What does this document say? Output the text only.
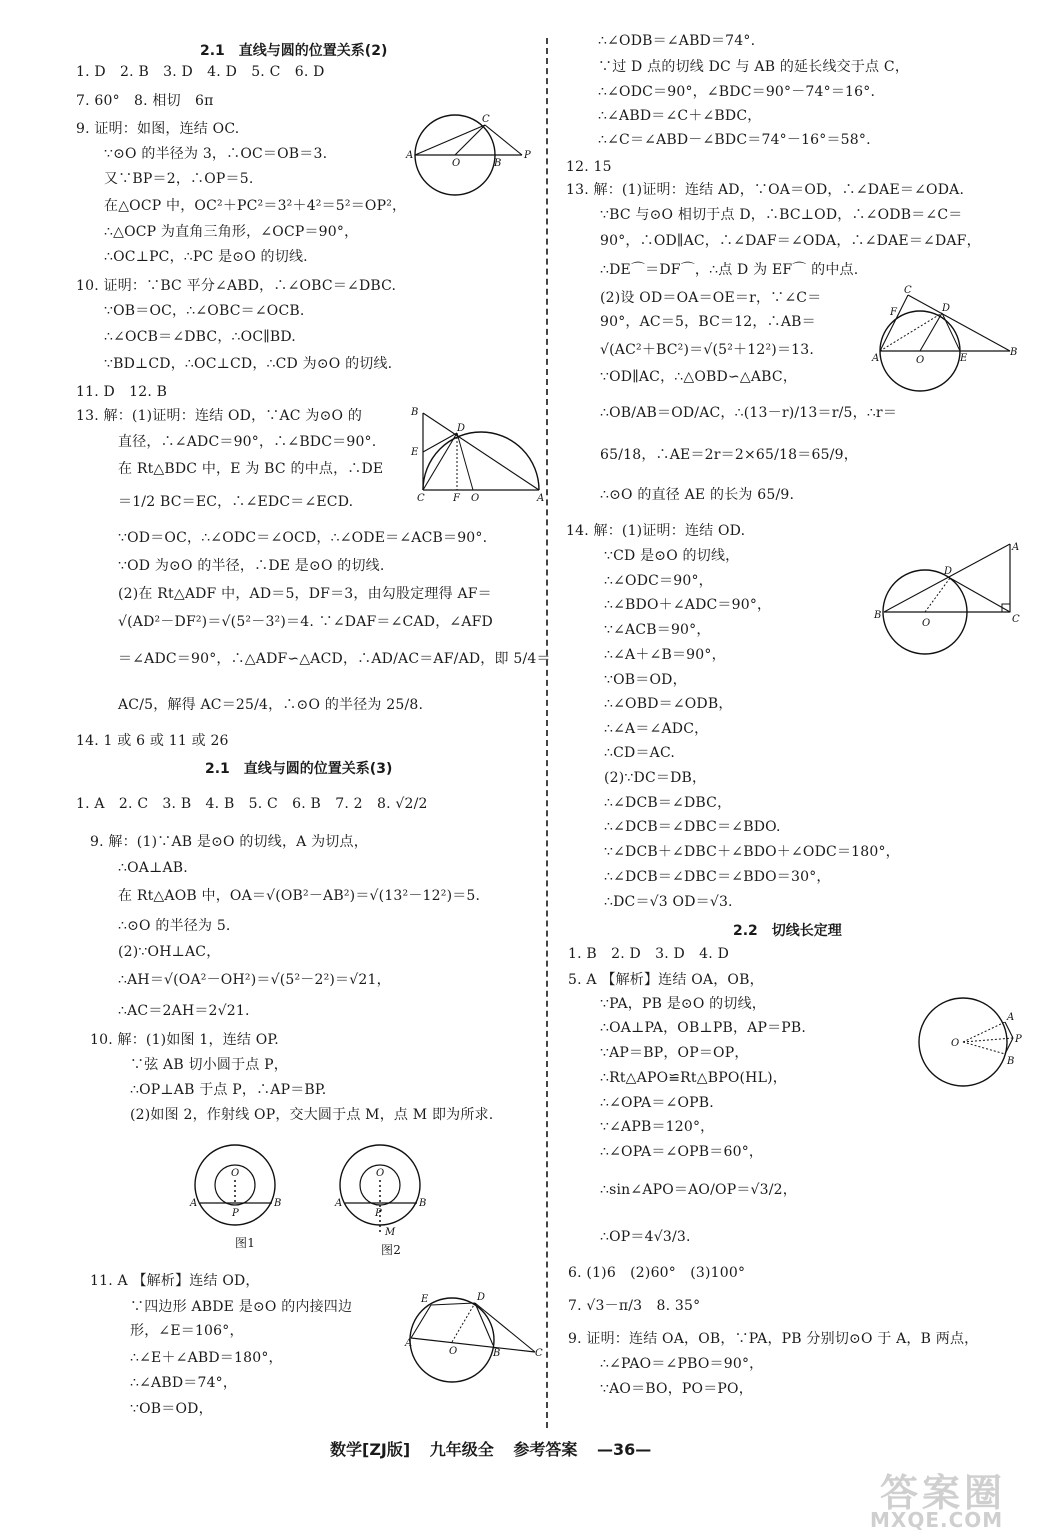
2.1　直线与圆的位置关系(2)
1. D　2. B　3. D　4. D　5. C　6. D
7. 60°　8. 相切　6π
9. 证明：如图，连结 OC.
∵⊙O 的半径为 3，∴OC＝OB＝3.
又∵BP＝2，∴OP＝5.
在△OCP 中，OC²＋PC²＝3²＋4²＝5²＝OP²，
∴△OCP 为直角三角形，∠OCP＝90°，
∴OC⊥PC，∴PC 是⊙O 的切线.
10. 证明：∵BC 平分∠ABD，∴∠OBC＝∠DBC.
∵OB＝OC，∴∠OBC＝∠OCB.
∴∠OCB＝∠DBC，∴OC∥BD.
∵BD⊥CD，∴OC⊥CD，∴CD 为⊙O 的切线.
11. D　12. B
13. 解：(1)证明：连结 OD，∵AC 为⊙O 的
直径，∴∠ADC＝90°，∴∠BDC＝90°.
在 Rt△BDC 中，E 为 BC 的中点，∴DE
＝1/2 BC＝EC，∴∠EDC＝∠ECD.
∵OD＝OC，∴∠ODC＝∠OCD，∴∠ODE＝∠ACB＝90°.
∵OD 为⊙O 的半径，∴DE 是⊙O 的切线.
(2)在 Rt△ADF 中，AD＝5，DF＝3，由勾股定理得 AF＝
√(AD²－DF²)＝√(5²－3²)＝4. ∵∠DAF＝∠CAD，∠AFD
＝∠ADC＝90°，∴△ADF∽△ACD，∴AD/AC＝AF/AD，即 5/4＝
AC/5，解得 AC＝25/4，∴⊙O 的半径为 25/8.
14. 1 或 6 或 11 或 26
2.1　直线与圆的位置关系(3)
1. A　2. C　3. B　4. B　5. C　6. B　7. 2　8. √2/2
9. 解：(1)∵AB 是⊙O 的切线，A 为切点，
∴OA⊥AB.
在 Rt△AOB 中，OA＝√(OB²－AB²)＝√(13²－12²)＝5.
∴⊙O 的半径为 5.
(2)∵OH⊥AC，
∴AH＝√(OA²－OH²)＝√(5²－2²)＝√21，
∴AC＝2AH＝2√21.
10. 解：(1)如图 1，连结 OP.
∵弦 AB 切小圆于点 P，
∴OP⊥AB 于点 P，∴AP＝BP.
(2)如图 2，作射线 OP，交大圆于点 M，点 M 即为所求.
图1	图2
11. A 【解析】连结 OD，
∵四边形 ABDE 是⊙O 的内接四边
形，∠E＝106°，
∴∠E＋∠ABD＝180°，
∴∠ABD＝74°，
∵OB＝OD，
A
O	B
P
C
B
E
D
C	F O	A
O
A	B
P
O
A	B
P
M
E	D
A
O	B	C
∴∠ODB＝∠ABD＝74°.
∵过 D 点的切线 DC 与 AB 的延长线交于点 C，
∴∠ODC＝90°，∠BDC＝90°－74°＝16°.
∴∠ABD＝∠C＋∠BDC，
∴∠C＝∠ABD－∠BDC＝74°－16°＝58°.
12. 15
13. 解：(1)证明：连结 AD，∵OA＝OD，∴∠DAE＝∠ODA.
∵BC 与⊙O 相切于点 D，∴BC⊥OD，∴∠ODB＝∠C＝
90°，∴OD∥AC，∴∠DAF＝∠ODA，∴∠DAE＝∠DAF，
∴DE⌒＝DF⌒，∴点 D 为 EF⌒ 的中点.
(2)设 OD＝OA＝OE＝r，∵∠C＝
90°，AC＝5，BC＝12，∴AB＝
√(AC²＋BC²)＝√(5²＋12²)＝13.
∵OD∥AC，∴△OBD∽△ABC，
∴OB/AB＝OD/AC，∴(13－r)/13＝r/5，∴r＝
65/18，∴AE＝2r＝2×65/18＝65/9，
∴⊙O 的直径 AE 的长为 65/9.
14. 解：(1)证明：连结 OD.
∵CD 是⊙O 的切线，
∴∠ODC＝90°，
∴∠BDO＋∠ADC＝90°，
∵∠ACB＝90°，
∴∠A＋∠B＝90°，
∵OB＝OD，
∴∠OBD＝∠ODB，
∴∠A＝∠ADC，
∴CD＝AC.
(2)∵DC＝DB，
∴∠DCB＝∠DBC，
∴∠DCB＝∠DBC＝∠BDO.
∵∠DCB＋∠DBC＋∠BDO＋∠ODC＝180°，
∴∠DCB＝∠DBC＝∠BDO＝30°，
∴DC＝√3 OD＝√3.
2.2　切线长定理
1. B　2. D　3. D　4. D
5. A 【解析】连结 OA，OB，
∵PA，PB 是⊙O 的切线，
∴OA⊥PA，OB⊥PB，AP＝PB.
∵AP＝BP，OP＝OP，
∴Rt△APO≌Rt△BPO(HL)，
∴∠OPA＝∠OPB.
∵∠APB＝120°，
∴∠OPA＝∠OPB＝60°，
∴sin∠APO＝AO/OP＝√3/2，
∴OP＝4√3/3.
6. (1)6　(2)60°　(3)100°
7. √3－π/3　8. 35°
9. 证明：连结 OA，OB，∵PA，PB 分别切⊙O 于 A，B 两点，
∴∠PAO＝∠PBO＝90°，
∵AO＝BO，PO＝PO，
C
F	D
A	O	E
B
A
D
B
O	C
O
A
P
B
数学[ZJ版] 九年级全 参考答案 —36—
答案圈
MXQE.COM
